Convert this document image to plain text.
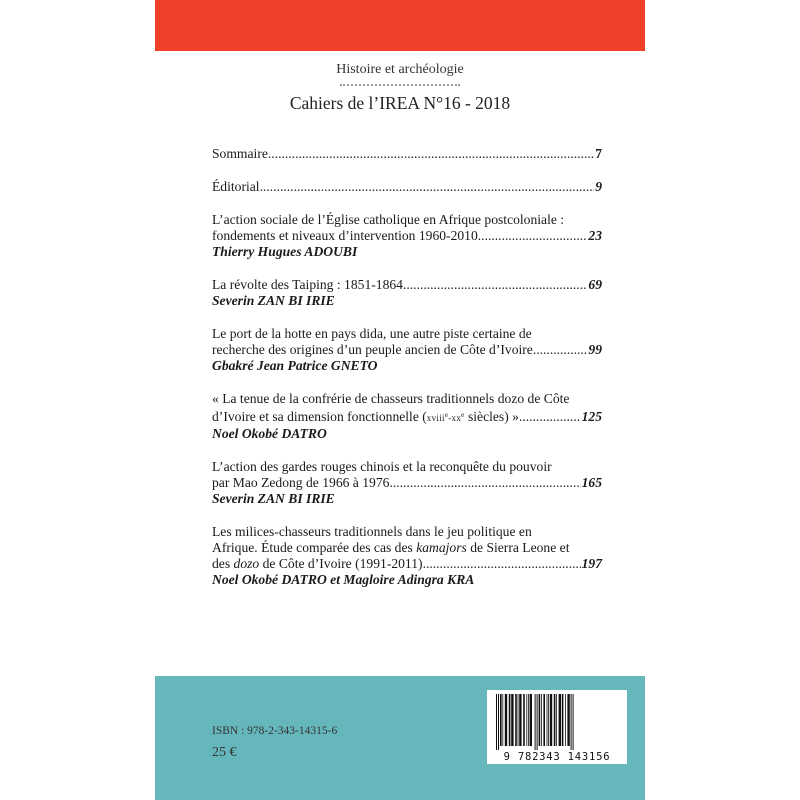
Histoire et archéologie
Cahiers de l’IREA N°16 - 2018
Sommaire .....	7
Éditorial .....	9
L’action sociale de l’Église catholique en Afrique postcoloniale :
fondements et niveaux d’intervention 1960-2010 .....	23
Thierry Hugues ADOUBI
La révolte des Taiping : 1851-1864 .....	69
Severin ZAN BI IRIE
Le port de la hotte en pays dida, une autre piste certaine de
recherche des origines d’un peuple ancien de Côte d’Ivoire .....	99
Gbakré Jean Patrice GNETO
« La tenue de la confrérie de chasseurs traditionnels dozo de Côte
d’Ivoire et sa dimension fonctionnelle ($xviii^e-xx^e$ siècles) » .....	125
Noel Okobé DATRO
L’action des gardes rouges chinois et la reconquête du pouvoir
par Mao Zedong de 1966 à 1976 .....	165
Severin ZAN BI IRIE
Les milices-chasseurs traditionnels dans le jeu politique en
Afrique. Étude comparée des cas des kamajors de Sierra Leone et
des dozo de Côte d’Ivoire (1991-2011) .....	197
Noel Okobé DATRO et Magloire Adingra KRA
ISBN : 978-2-343-14315-6
25 €	9 782343 143156
